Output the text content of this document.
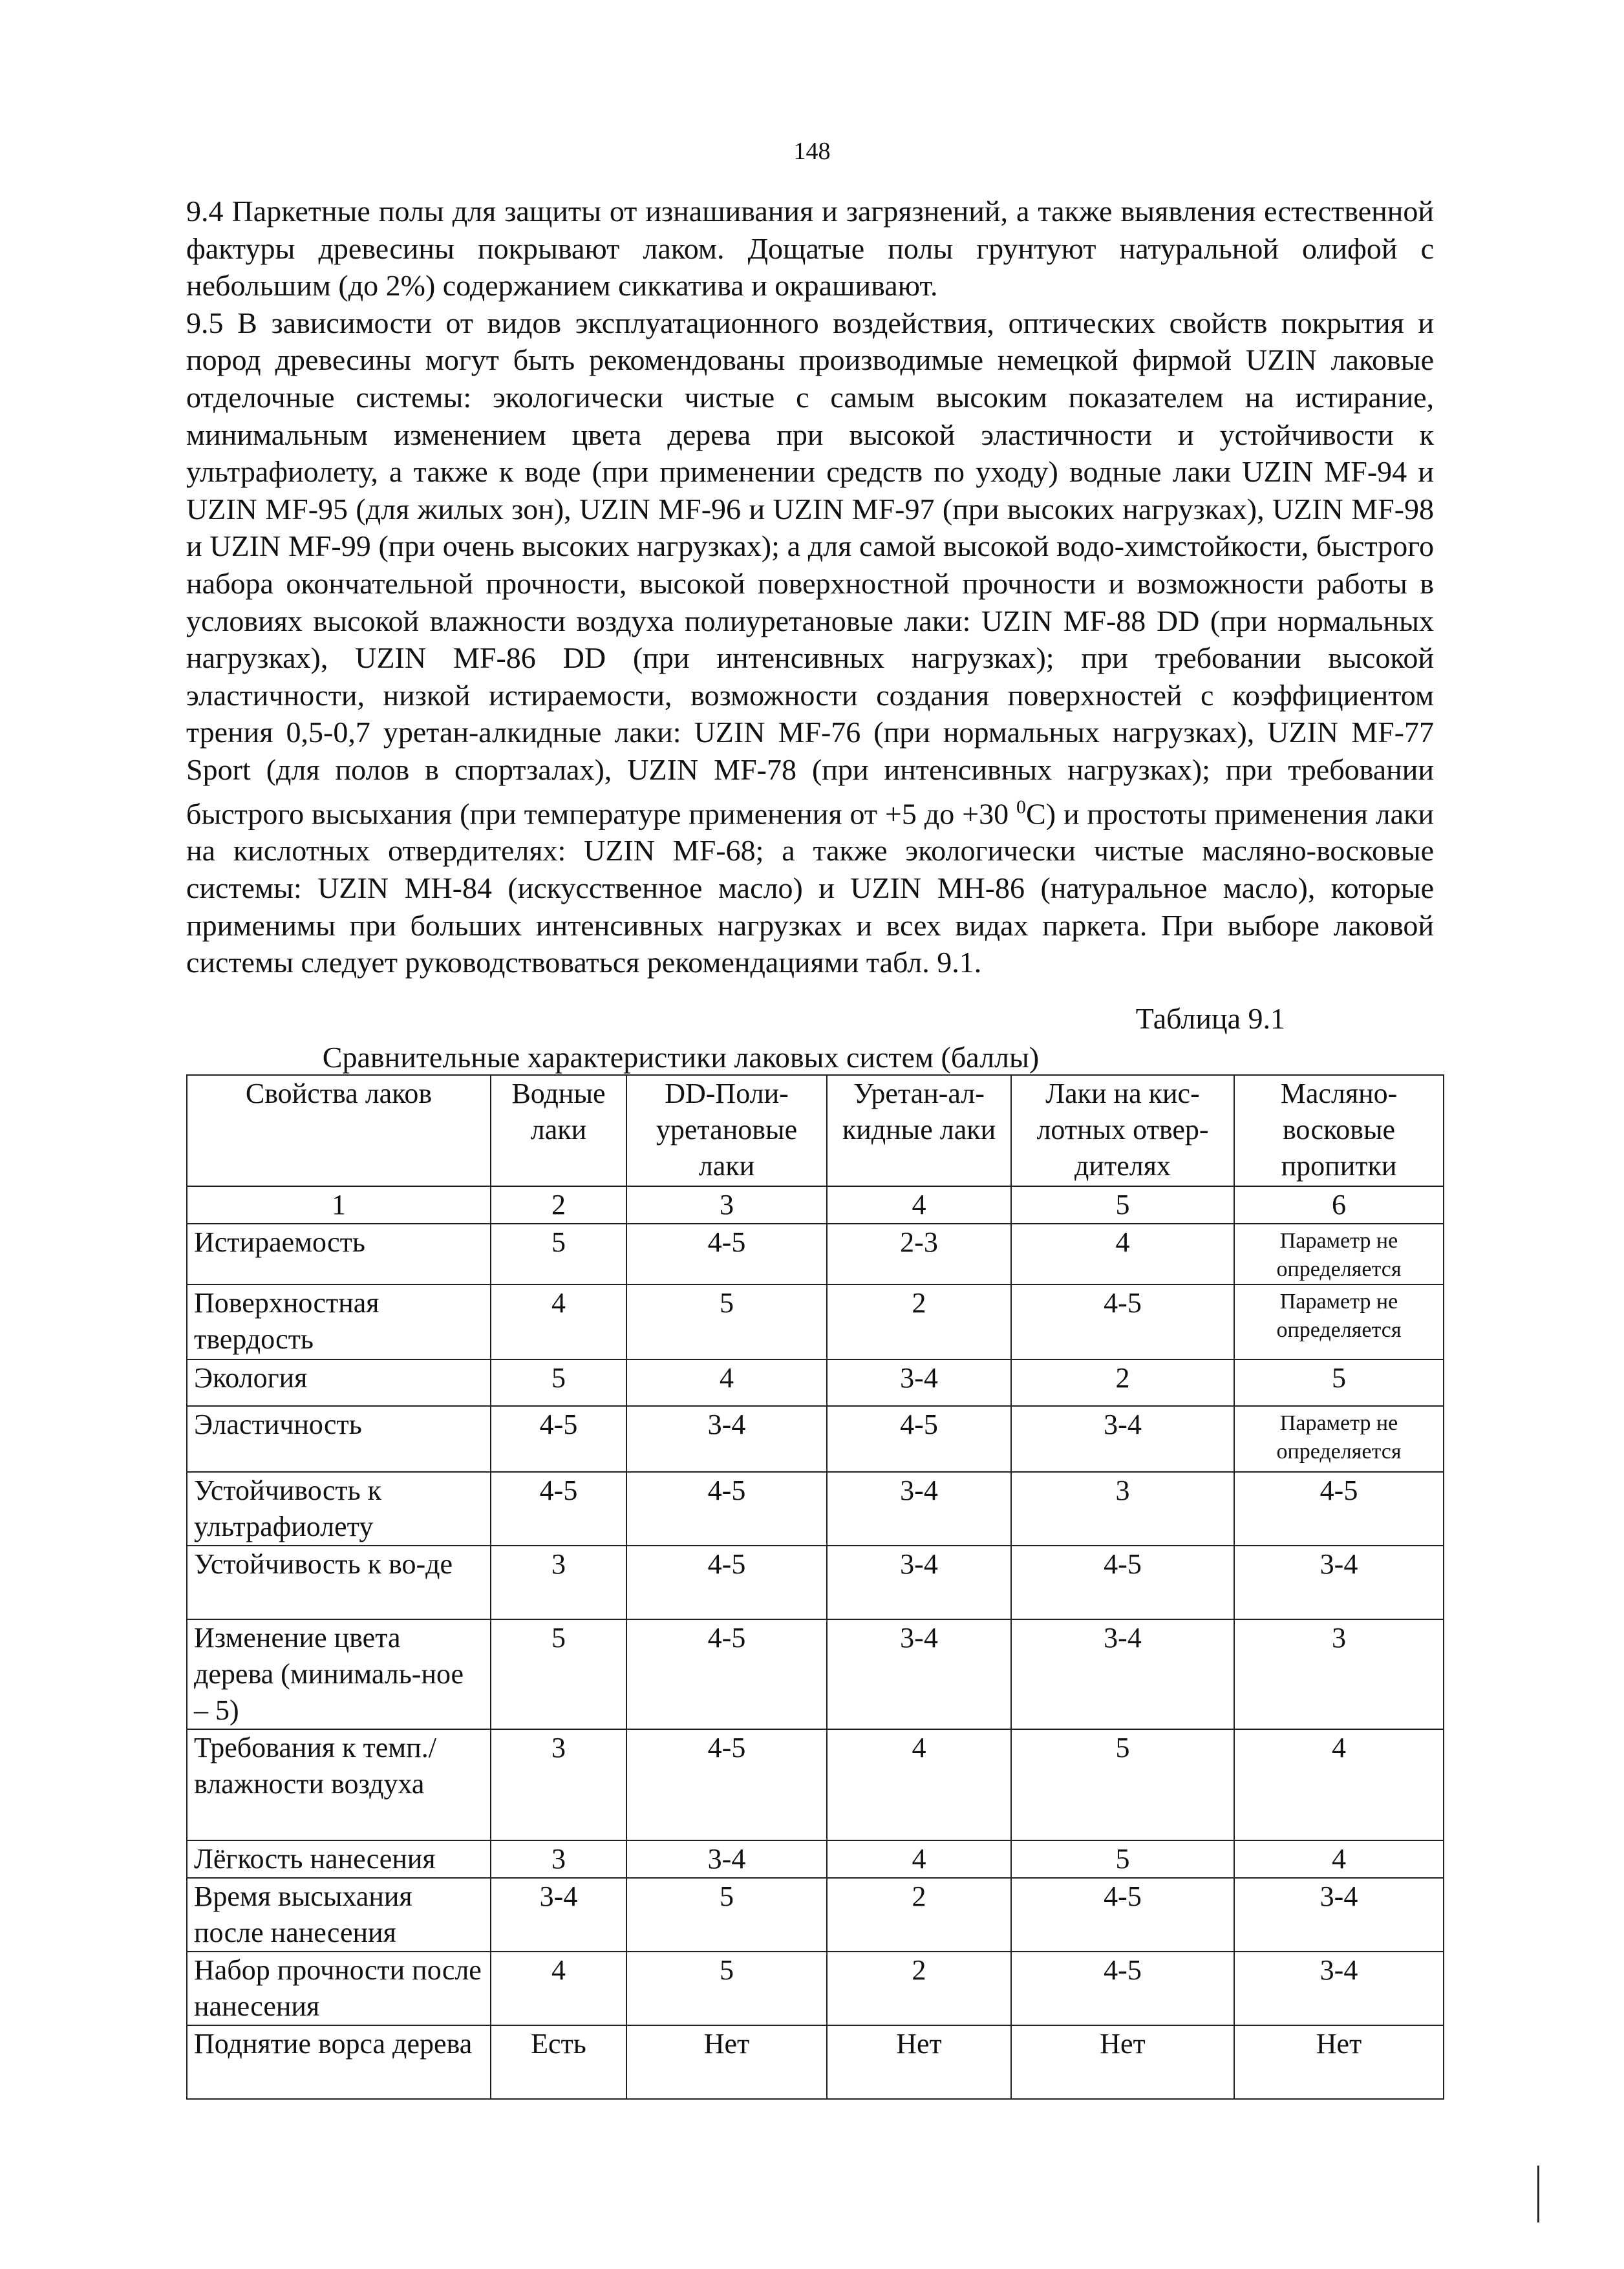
148

9.4 Паркетные полы для защиты от изнашивания и загрязнений, а также выявления естественной фактуры древесины покрывают лаком. Дощатые полы грунтуют натуральной олифой с небольшим (до 2%) содержанием сиккатива и окрашивают.

9.5 В зависимости от видов эксплуатационного воздействия, оптических свойств покрытия и пород древесины могут быть рекомендованы производимые немецкой фирмой UZIN лаковые отделочные системы: экологически чистые с самым высоким показателем на истирание, минимальным изменением цвета дерева при высокой эластичности и устойчивости к ультрафиолету, а также к воде (при применении средств по уходу) водные лаки UZIN MF-94 и UZIN MF-95 (для жилых зон), UZIN MF-96 и UZIN MF-97 (при высоких нагрузках), UZIN MF-98 и UZIN MF-99 (при очень высоких нагрузках); а для самой высокой водо-химстойкости, быстрого набора окончательной прочности, высокой поверхностной прочности и возможности работы в условиях высокой влажности воздуха полиуретановые лаки: UZIN MF-88 DD (при нормальных нагрузках), UZIN MF-86 DD (при интенсивных нагрузках); при требовании высокой эластичности, низкой истираемости, возможности создания поверхностей с коэффициентом трения 0,5-0,7 уретан-алкидные лаки: UZIN MF-76 (при нормальных нагрузках), UZIN MF-77 Sport (для полов в спортзалах), UZIN MF-78 (при интенсивных нагрузках); при требовании быстрого высыхания (при температуре применения от +5 до +30 $^0$С) и простоты применения лаки на кислотных отвердителях: UZIN MF-68; а также экологически чистые масляно-восковые системы: UZIN MH-84 (искусственное масло) и UZIN MH-86 (натуральное масло), которые применимы при больших интенсивных нагрузках и всех видах паркета. При выборе лаковой системы следует руководствоваться рекомендациями табл. 9.1.

Таблица 9.1
Сравнительные характеристики лаковых систем (баллы)
Свойства лаков	Водные лаки	DD-Поли-уретановые лаки	Уретан-ал-кидные лаки	Лаки на кис-лотных отвер-дителях	Масляно-восковые пропитки
1	2	3	4	5	6
Истираемость	5	4-5	2-3	4	Параметр не определяется
Поверхностная твердость	4	5	2	4-5	Параметр не определяется
Экология	5	4	3-4	2	5
Эластичность	4-5	3-4	4-5	3-4	Параметр не определяется
Устойчивость к ультрафиолету	4-5	4-5	3-4	3	4-5
Устойчивость к во-де	3	4-5	3-4	4-5	3-4
Изменение цвета дерева (минималь-ное – 5)	5	4-5	3-4	3-4	3
Требования к темп./влажности воздуха	3	4-5	4	5	4
Лёгкость нанесения	3	3-4	4	5	4
Время высыхания после нанесения	3-4	5	2	4-5	3-4
Набор прочности после нанесения	4	5	2	4-5	3-4
Поднятие ворса дерева	Есть	Нет	Нет	Нет	Нет
